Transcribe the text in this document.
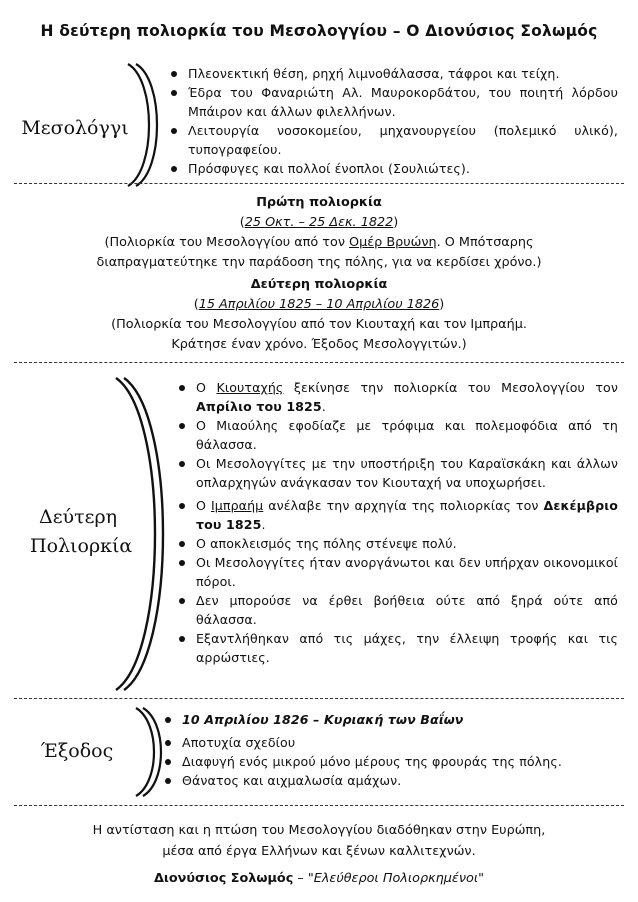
Η δεύτερη πολιορκία του Μεσολογγίου – Ο Διονύσιος Σολωμός
Μεσολόγγι
Πλεονεκτική θέση, ρηχή λιμνοθάλασσα, τάφροι και τείχη.
Έδρα του Φαναριώτη Αλ. Μαυροκορδάτου, του ποιητή λόρδου Μπάιρον και άλλων φιλελλήνων.
Λειτουργία νοσοκομείου, μηχανουργείου (πολεμικό υλικό), τυπογραφείου.
Πρόσφυγες και πολλοί ένοπλοι (Σουλιώτες).
Πρώτη πολιορκία
(25 Οκτ. – 25 Δεκ. 1822)
(Πολιορκία του Μεσολογγίου από τον Ομέρ Βρυώνη. Ο Μπότσαρης
διαπραγματεύτηκε την παράδοση της πόλης, για να κερδίσει χρόνο.)
Δεύτερη πολιορκία
(15 Απριλίου 1825 – 10 Απριλίου 1826)
(Πολιορκία του Μεσολογγίου από τον Κιουταχή και τον Ιμπραήμ.
Κράτησε έναν χρόνο. Έξοδος Μεσολογγιτών.)
Δεύτερη
Πολιορκία
Ο Κιουταχής ξεκίνησε την πολιορκία του Μεσολογγίου τον Απρίλιο του 1825.
Ο Μιαούλης εφοδίαζε με τρόφιμα και πολεμοφόδια από τη θάλασσα.
Οι Μεσολογγίτες με την υποστήριξη του Καραϊσκάκη και άλλων οπλαρχηγών ανάγκασαν τον Κιουταχή να υποχωρήσει.
Ο Ιμπραήμ ανέλαβε την αρχηγία της πολιορκίας τον Δεκέμβριο του 1825.
Ο αποκλεισμός της πόλης στένεψε πολύ.
Οι Μεσολογγίτες ήταν ανοργάνωτοι και δεν υπήρχαν οικονομικοί πόροι.
Δεν μπορούσε να έρθει βοήθεια ούτε από ξηρά ούτε από θάλασσα.
Εξαντλήθηκαν από τις μάχες, την έλλειψη τροφής και τις αρρώστιες.
Έξοδος
10 Απριλίου 1826 – Κυριακή των Βαΐων
Αποτυχία σχεδίου
Διαφυγή ενός μικρού μόνο μέρους της φρουράς της πόλης.
Θάνατος και αιχμαλωσία αμάχων.
Η αντίσταση και η πτώση του Μεσολογγίου διαδόθηκαν στην Ευρώπη,
μέσα από έργα Ελλήνων και ξένων καλλιτεχνών.
Διονύσιος Σολωμός – "Ελεύθεροι Πολιορκημένοι"
